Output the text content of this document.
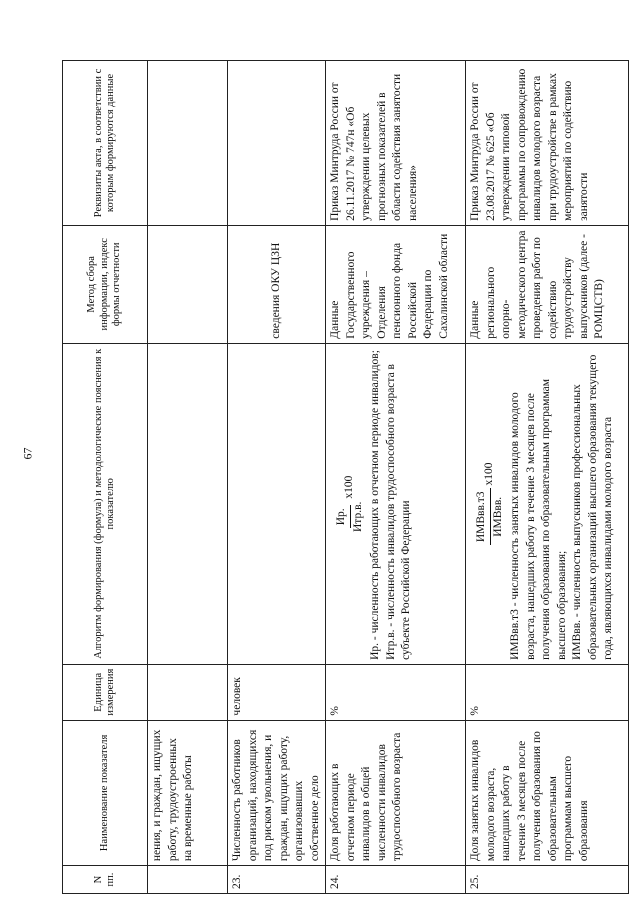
67
N пп.	Наименование показателя	Единица измерения	Алгоритм формирования (формула) и методологические пояснения к показателю	Метод сбора информации, индекс формы отчетности	Реквизиты акта, в соответствии с которым формируются данные
	нения, и граждан, ищущих работу, трудоустроенных на временные работы				
23.	Численность работников организаций, находящихся под риском увольнения, и граждан, ищущих работу, организовавших собственное дело	человек		сведения ОКУ ЦЗН	
24.	Доля работающих в отчетном периоде инвалидов в общей численности инвалидов трудоспособного возраста	%	Ир. Итр.в.
х100
Ир. - численность работающих в отчетном периоде инвалидов;
Итр.в. - численность инвалидов трудоспособного возраста в субъекте Российской Федерации	Данные Государственного учреждения – Отделения пенсионного фонда Российской Федерации по Сахалинской области	Приказ Минтруда России от 26.11.2017 № 747н «Об утверждении целевых прогнозных показателей в области содействия занятости населения»
25.	Доля занятых инвалидов молодого возраста, нашедших работу в течение 3 месяцев после получения образования по образовательным программам высшего образования	%	ИМВвв.т3 ИМВвв.
х100
ИМВвв.т3 - численность занятых инвалидов молодого возраста, нашедших работу в течение 3 месяцев после получения образования по образовательным программам высшего образования;
ИМВвв. - численность выпускников профессиональных образовательных организаций высшего образования текущего года, являющихся инвалидами молодого возраста	Данные регионального опорно-методического центра проведения работ по содействию трудоустройству выпускников (далее - РОМЦСТВ)	Приказ Минтруда России от 23.08.2017 № 625 «Об утверждении типовой программы по сопровождению инвалидов молодого возраста при трудоустройстве в рамках мероприятий по содействию занятости
